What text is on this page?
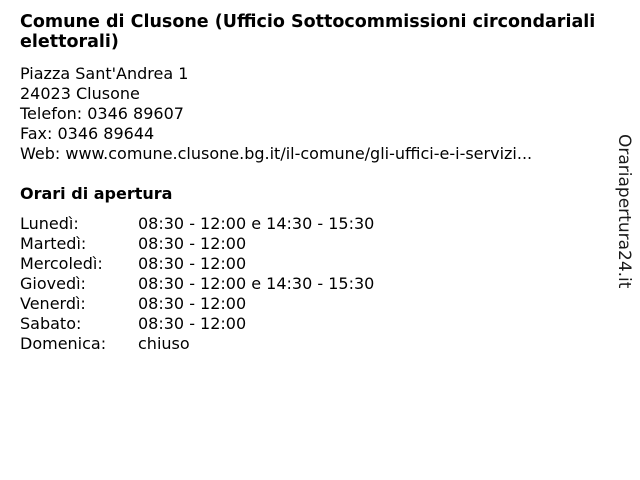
Comune di Clusone (Ufficio Sottocommissioni circondariali elettorali)
Piazza Sant'Andrea 1
24023 Clusone
Telefon: 0346 89607
Fax: 0346 89644
Web: www.comune.clusone.bg.it/il-comune/gli-uffici-e-i-servizi...
Orari di apertura
Lunedì:	08:30 - 12:00 e 14:30 - 15:30
Martedì:	08:30 - 12:00
Mercoledì: 08:30 - 12:00
Giovedì:	08:30 - 12:00 e 14:30 - 15:30
Venerdì:	08:30 - 12:00
Sabato:	08:30 - 12:00
Domenica: chiuso
Orariapertura24.it
